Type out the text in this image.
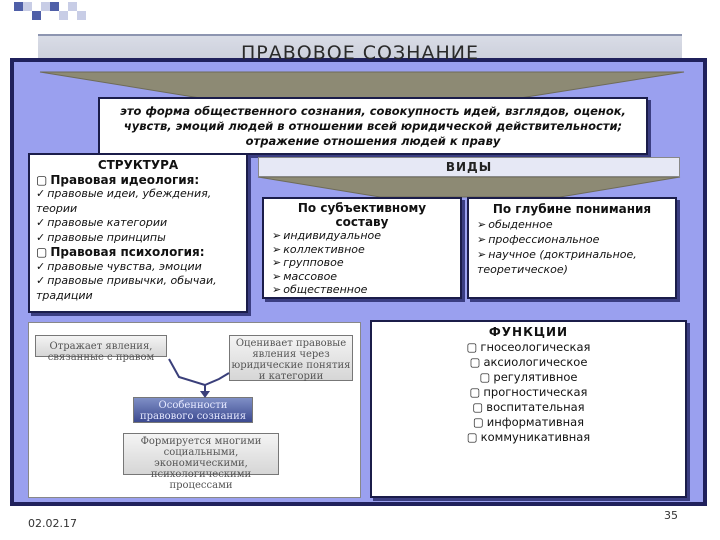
ПРАВОВОЕ СОЗНАНИЕ
это форма общественного сознания, совокупность идей, взглядов, оценок, чувств, эмоций людей в отношении всей юридической действительности; отражение отношения людей к праву
СТРУКТУРА
▢ Правовая идеология:
✓ правовые идеи, убеждения, теории
✓ правовые категории
✓ правовые принципы
▢ Правовая психология:
✓ правовые чувства, эмоции
✓ правовые привычки, обычаи, традиции
ВИДЫ
По субъективному составу
➢ индивидуальное
➢ коллективное
➢ групповое
➢ массовое
➢ общественное
По глубине понимания
➢ обыденное
➢ профессиональное
➢ научное (доктринальное, теоретическое)
Отражает явления, связанные с правом
Оценивает правовые явления через юридические понятия и категории
Особенности правового сознания
Формируется многими социальными, экономическими, психологическими процессами
ФУНКЦИИ
▢ гносеологическая
▢ аксиологическое
▢ регулятивное
▢ прогностическая
▢ воспитательная
▢ информативная
▢ коммуникативная
02.02.17
35
